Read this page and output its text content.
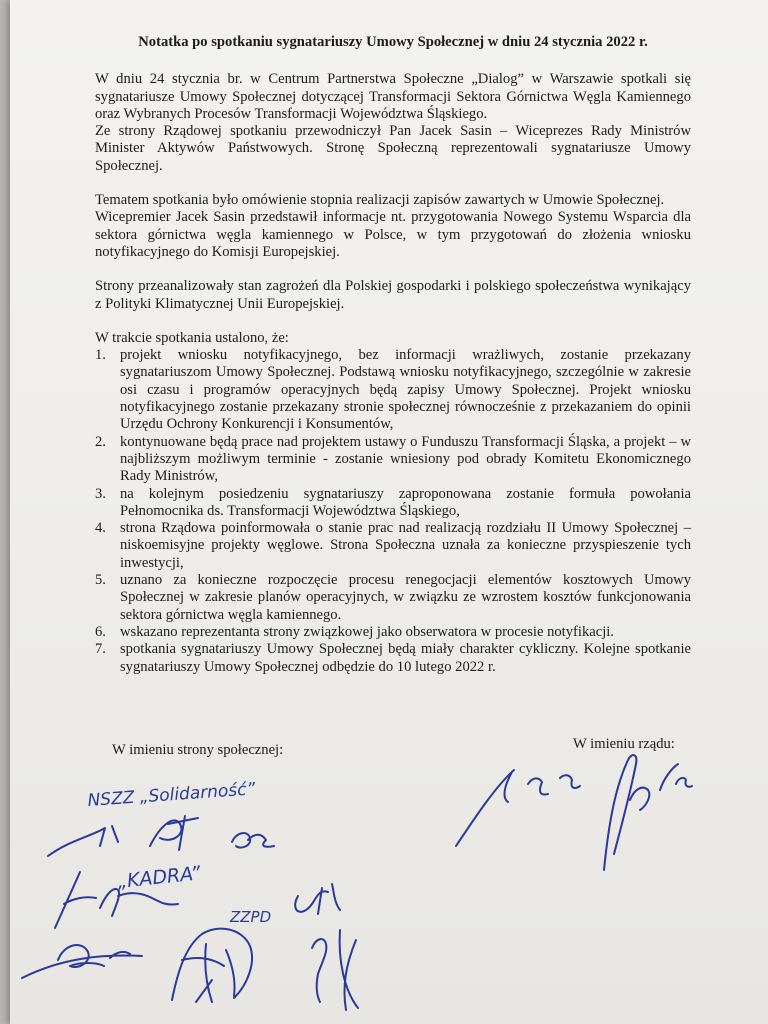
Notatka po spotkaniu sygnatariuszy Umowy Społecznej w dniu 24 stycznia 2022 r.

W dniu 24 stycznia br. w Centrum Partnerstwa Społeczne „Dialog” w Warszawie spotkali się sygnatariusze Umowy Społecznej dotyczącej Transformacji Sektora Górnictwa Węgla Kamiennego oraz Wybranych Procesów Transformacji Województwa Śląskiego.

Ze strony Rządowej spotkaniu przewodniczył Pan Jacek Sasin – Wiceprezes Rady Ministrów Minister Aktywów Państwowych. Stronę Społeczną reprezentowali sygnatariusze Umowy Społecznej.

Tematem spotkania było omówienie stopnia realizacji zapisów zawartych w Umowie Społecznej.

Wicepremier Jacek Sasin przedstawił informacje nt. przygotowania Nowego Systemu Wsparcia dla sektora górnictwa węgla kamiennego w Polsce, w tym przygotowań do złożenia wniosku notyfikacyjnego do Komisji Europejskiej.

Strony przeanalizowały stan zagrożeń dla Polskiej gospodarki i polskiego społeczeństwa wynikający z Polityki Klimatycznej Unii Europejskiej.

W trakcie spotkania ustalono, że:

1. projekt wniosku notyfikacyjnego, bez informacji wrażliwych, zostanie przekazany sygnatariuszom Umowy Społecznej. Podstawą wniosku notyfikacyjnego, szczególnie w zakresie osi czasu i programów operacyjnych będą zapisy Umowy Społecznej. Projekt wniosku notyfikacyjnego zostanie przekazany stronie społecznej równocześnie z przekazaniem do opinii Urzędu Ochrony Konkurencji i Konsumentów,
2. kontynuowane będą prace nad projektem ustawy o Funduszu Transformacji Śląska, a projekt – w najbliższym możliwym terminie - zostanie wniesiony pod obrady Komitetu Ekonomicznego Rady Ministrów,
3. na kolejnym posiedzeniu sygnatariuszy zaproponowana zostanie formuła powołania Pełnomocnika ds. Transformacji Województwa Śląskiego,
4. strona Rządowa poinformowała o stanie prac nad realizacją rozdziału II Umowy Społecznej – niskoemisyjne projekty węglowe. Strona Społeczna uznała za konieczne przyspieszenie tych inwestycji,
5. uznano za konieczne rozpoczęcie procesu renegocjacji elementów kosztowych Umowy Społecznej w zakresie planów operacyjnych, w związku ze wzrostem kosztów funkcjonowania sektora górnictwa węgla kamiennego.
6. wskazano reprezentanta strony związkowej jako obserwatora w procesie notyfikacji.
7. spotkania sygnatariuszy Umowy Społecznej będą miały charakter cykliczny. Kolejne spotkanie sygnatariuszy Umowy Społecznej odbędzie do 10 lutego 2022 r.
W imieniu strony społecznej:	W imieniu rządu:
NSZZ „Solidarność”
„KADRA”
ZZPD
